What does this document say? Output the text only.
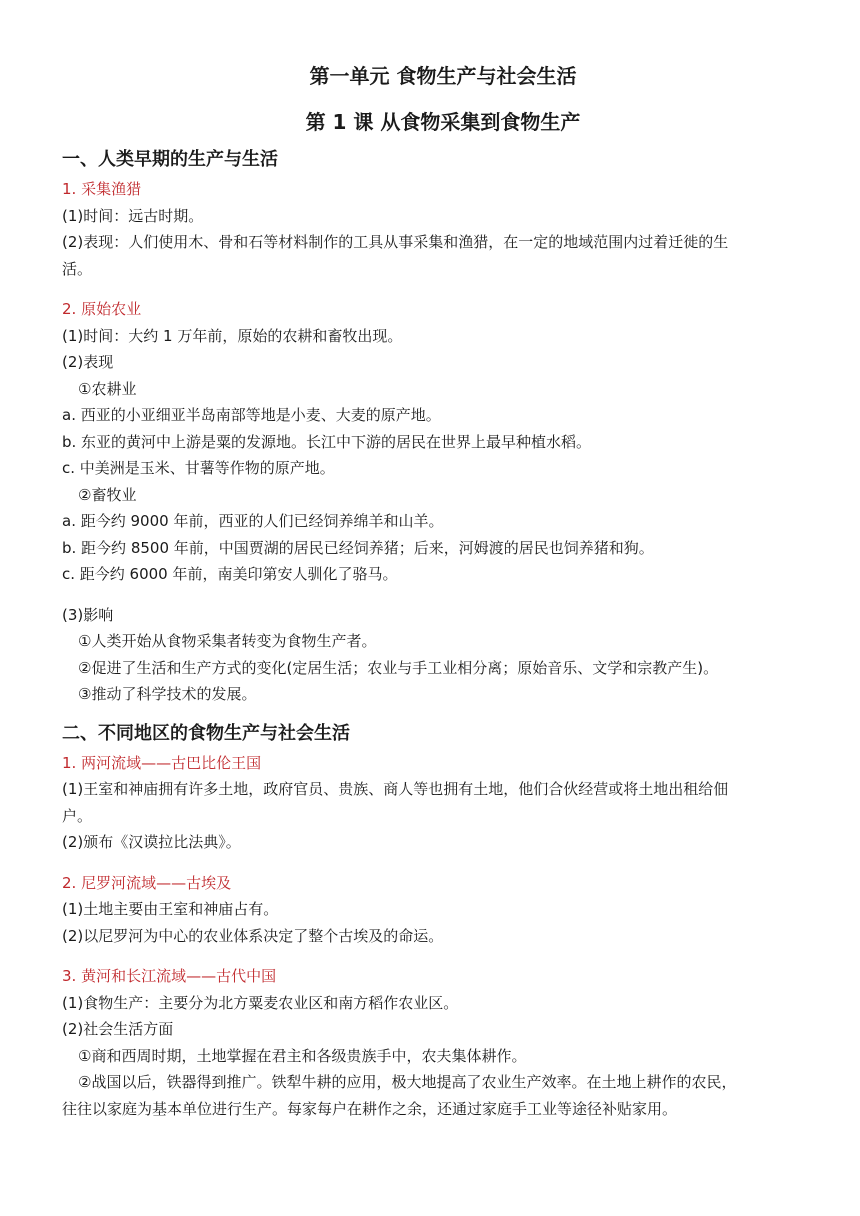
第一单元 食物生产与社会生活
第 1 课 从食物采集到食物生产
一、人类早期的生产与生活
1. 采集渔猎
(1)时间：远古时期。
(2)表现：人们使用木、骨和石等材料制作的工具从事采集和渔猎，在一定的地域范围内过着迁徙的生
活。
2. 原始农业
(1)时间：大约 1 万年前，原始的农耕和畜牧出现。
(2)表现
①农耕业
a. 西亚的小亚细亚半岛南部等地是小麦、大麦的原产地。
b. 东亚的黄河中上游是粟的发源地。长江中下游的居民在世界上最早种植水稻。
c. 中美洲是玉米、甘薯等作物的原产地。
②畜牧业
a. 距今约 9000 年前，西亚的人们已经饲养绵羊和山羊。
b. 距今约 8500 年前，中国贾湖的居民已经饲养猪；后来，河姆渡的居民也饲养猪和狗。
c. 距今约 6000 年前，南美印第安人驯化了骆马。
(3)影响
①人类开始从食物采集者转变为食物生产者。
②促进了生活和生产方式的变化(定居生活；农业与手工业相分离；原始音乐、文学和宗教产生)。
③推动了科学技术的发展。
二、不同地区的食物生产与社会生活
1. 两河流域——古巴比伦王国
(1)王室和神庙拥有许多土地，政府官员、贵族、商人等也拥有土地，他们合伙经营或将土地出租给佃
户。
(2)颁布《汉谟拉比法典》。
2. 尼罗河流域——古埃及
(1)土地主要由王室和神庙占有。
(2)以尼罗河为中心的农业体系决定了整个古埃及的命运。
3. 黄河和长江流域——古代中国
(1)食物生产：主要分为北方粟麦农业区和南方稻作农业区。
(2)社会生活方面
①商和西周时期，土地掌握在君主和各级贵族手中，农夫集体耕作。
②战国以后，铁器得到推广。铁犁牛耕的应用，极大地提高了农业生产效率。在土地上耕作的农民，
往往以家庭为基本单位进行生产。每家每户在耕作之余，还通过家庭手工业等途径补贴家用。
